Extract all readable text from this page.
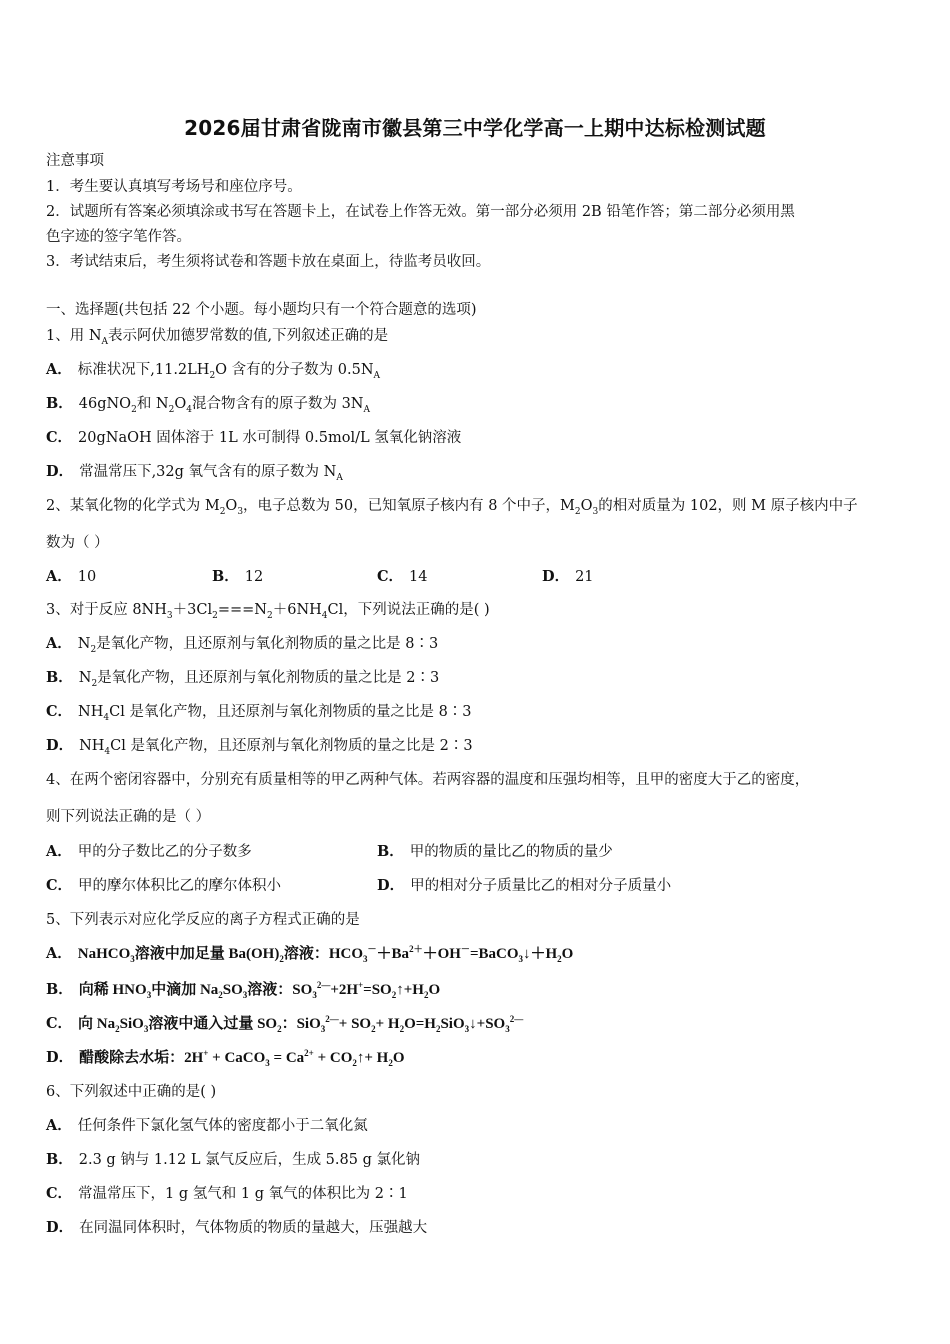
2026届甘肃省陇南市徽县第三中学化学高一上期中达标检测试题
注意事项
1．考生要认真填写考场号和座位序号。
2．试题所有答案必须填涂或书写在答题卡上，在试卷上作答无效。第一部分必须用 2B 铅笔作答；第二部分必须用黑
色字迹的签字笔作答。
3．考试结束后，考生须将试卷和答题卡放在桌面上，待监考员收回。
一、选择题(共包括 22 个小题。每小题均只有一个符合题意的选项)
1、用 $N_A$表示阿伏加德罗常数的值,下列叙述正确的是
A． 标准状况下$,11.2LH_2O$ 含有的分子数为 $0.5N_A$
B． 46gNO$_2$和 $N_2O_4$混合物含有的原子数为 $3N_A$
C． 20gNaOH 固体溶于 1L 水可制得 0.5mol/L 氢氧化钠溶液
D． 常温常压下,32g 氧气含有的原子数为 $N_A$
2、某氧化物的化学式为 $M_2O_3$，电子总数为 50，已知氧原子核内有 8 个中子，$M_2O_3$的相对质量为 102，则 M 原子核内中子
数为（ ）
A． 10	B． 12	C． 14	D． 21
3、对于反应 $8NH_3+3Cl_2===N_2+6NH_4Cl$，下列说法正确的是( )
A． $N_2$是氧化产物，且还原剂与氧化剂物质的量之比是 8∶3
B． $N_2$是氧化产物，且还原剂与氧化剂物质的量之比是 2∶3
C． $NH_4Cl$ 是氧化产物，且还原剂与氧化剂物质的量之比是 8∶3
D． $NH_4Cl$ 是氧化产物，且还原剂与氧化剂物质的量之比是 2∶3
4、在两个密闭容器中，分别充有质量相等的甲乙两种气体。若两容器的温度和压强均相等，且甲的密度大于乙的密度，
则下列说法正确的是（ ）
A． 甲的分子数比乙的分子数多	B． 甲的物质的量比乙的物质的量少
C． 甲的摩尔体积比乙的摩尔体积小	D． 甲的相对分子质量比乙的相对分子质量小
5、下列表示对应化学反应的离子方程式正确的是
A． NaHCO$_3$溶液中加足量 $Ba(OH)_2$溶液：$HCO_3^-+Ba^{2+}+OH^-=BaCO_3↓+H_2O$
B． 向稀 $HNO_3$中滴加 $Na_2SO_3$溶液：$SO_3^{2—}+2H^+=SO_2↑+H_2O$
C． 向 $Na_2SiO_3$溶液中通入过量 $SO_2$：$SiO_3^{2—}+ SO_2+$ $H_2O=H_2SiO_3↓+SO_3^{2—}$
D． 醋酸除去水垢：2H+ + CaCO$_3$ = $Ca^{2+}$ + $CO_2↑+ H_2O$
6、下列叙述中正确的是( )
A． 任何条件下氯化氢气体的密度都小于二氧化氮
B． 2.3 g 钠与 1.12 L 氯气反应后，生成 5.85 g 氯化钠
C． 常温常压下，1 g 氢气和 1 g 氧气的体积比为 2∶1
D． 在同温同体积时，气体物质的物质的量越大，压强越大
